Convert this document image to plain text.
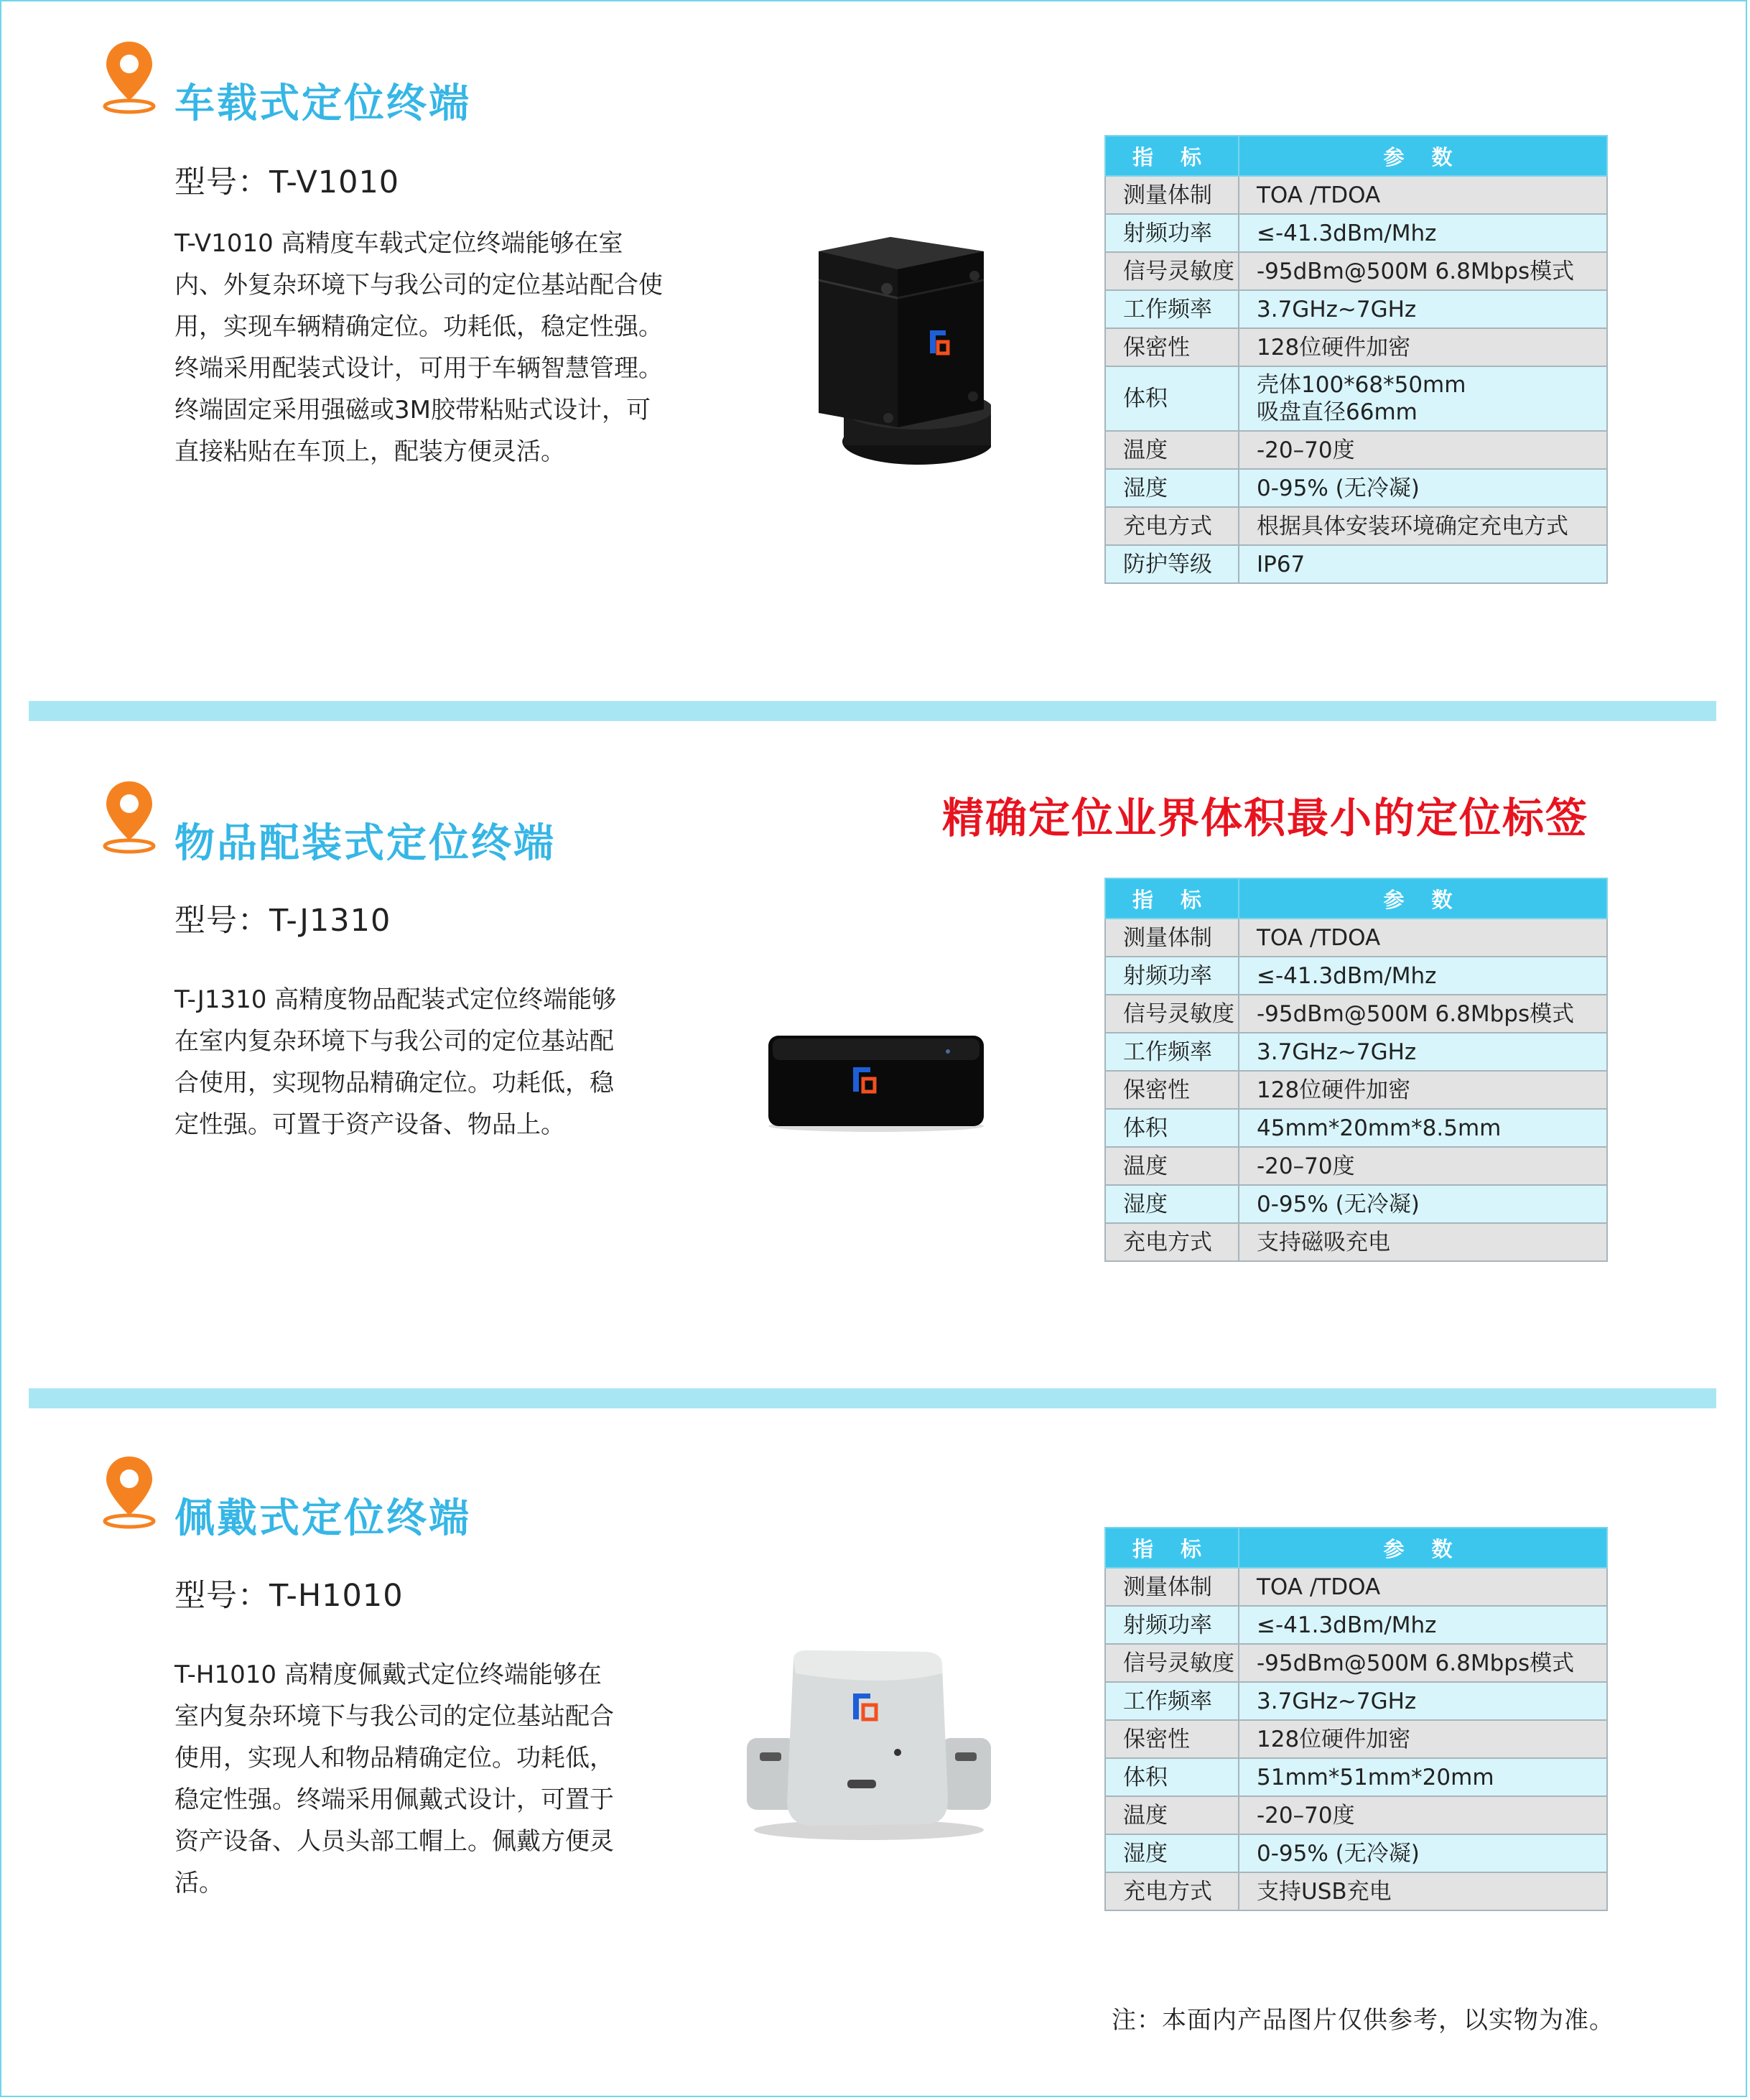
车载式定位终端
型号：T-V1010
T-V1010 高精度车载式定位终端能够在室
内、外复杂环境下与我公司的定位基站配合使
用，实现车辆精确定位。功耗低，稳定性强。
终端采用配装式设计，可用于车辆智慧管理。
终端固定采用强磁或3M胶带粘贴式设计，可
直接粘贴在车顶上，配装方便灵活。
指 标	参 数
测量体制	TOA /TDOA
射频功率	≤-41.3dBm/Mhz
信号灵敏度	-95dBm@500M 6.8Mbps模式
工作频率	3.7GHz~7GHz
保密性	128位硬件加密
体积	壳体100*68*50mm
吸盘直径66mm

温度	-20–70度
湿度	0-95% (无冷凝)
充电方式	根据具体安装环境确定充电方式
防护等级	IP67
物品配装式定位终端
精确定位业界体积最小的定位标签
型号：T-J1310
T-J1310 高精度物品配装式定位终端能够
在室内复杂环境下与我公司的定位基站配
合使用，实现物品精确定位。功耗低，稳
定性强。可置于资产设备、物品上。
指 标	参 数
测量体制	TOA /TDOA
射频功率	≤-41.3dBm/Mhz
信号灵敏度	-95dBm@500M 6.8Mbps模式
工作频率	3.7GHz~7GHz
保密性	128位硬件加密
体积	45mm*20mm*8.5mm
温度	-20–70度
湿度	0-95% (无冷凝)
充电方式	支持磁吸充电
佩戴式定位终端
型号：T-H1010
T-H1010 高精度佩戴式定位终端能够在
室内复杂环境下与我公司的定位基站配合
使用，实现人和物品精确定位。功耗低，
稳定性强。终端采用佩戴式设计，可置于
资产设备、人员头部工帽上。佩戴方便灵
活。
指 标	参 数
测量体制	TOA /TDOA
射频功率	≤-41.3dBm/Mhz
信号灵敏度	-95dBm@500M 6.8Mbps模式
工作频率	3.7GHz~7GHz
保密性	128位硬件加密
体积	51mm*51mm*20mm
温度	-20–70度
湿度	0-95% (无冷凝)
充电方式	支持USB充电
注：本面内产品图片仅供参考，以实物为准。
